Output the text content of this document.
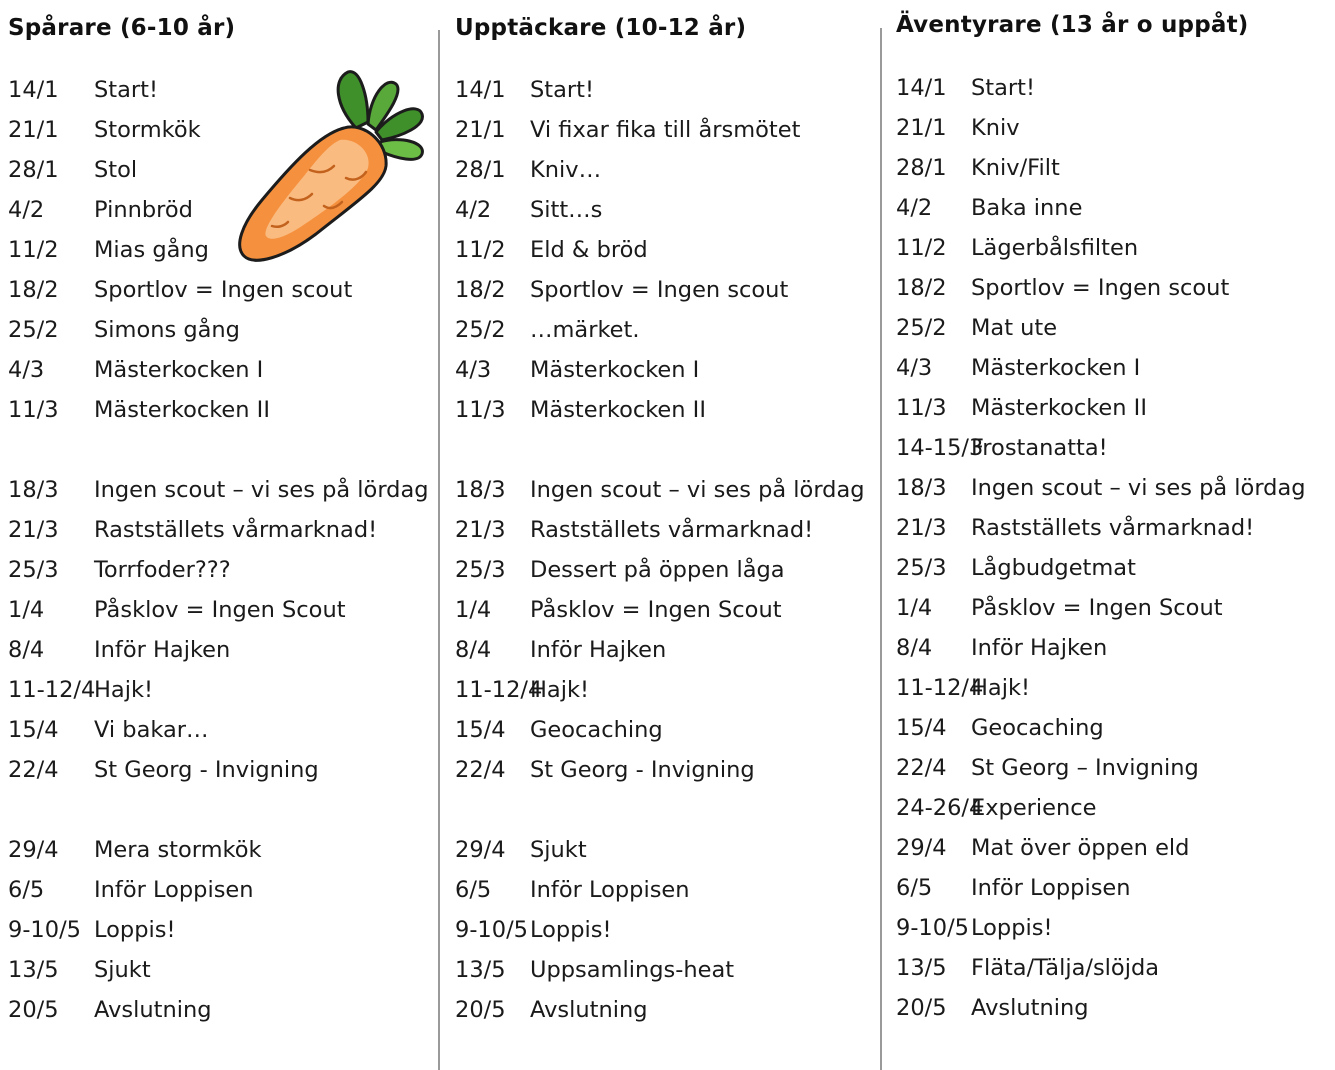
Spårare (6-10 år)
14/1 Start!
21/1 Stormkök
28/1 Stol
4/2 Pinnbröd
11/2 Mias gång
18/2 Sportlov = Ingen scout
25/2 Simons gång
4/3 Mästerkocken I
11/3 Mästerkocken II
18/3 Ingen scout – vi ses på lördag
21/3 Rastställets vårmarknad!
25/3 Torrfoder???
1/4 Påsklov = Ingen Scout
8/4 Inför Hajken
11-12/4
Hajk!
15/4 Vi bakar…
22/4 St Georg - Invigning
29/4 Mera stormkök
6/5 Inför Loppisen
9-10/5 Loppis!
13/5 Sjukt
20/5 Avslutning
Upptäckare (10-12 år)
14/1 Start!
21/1 Vi fixar fika till årsmötet
28/1 Kniv…
4/2 Sitt…s
11/2 Eld & bröd
18/2 Sportlov = Ingen scout
25/2 …märket.
4/3 Mästerkocken I
11/3 Mästerkocken II
18/3 Ingen scout – vi ses på lördag
21/3 Rastställets vårmarknad!
25/3 Dessert på öppen låga
1/4 Påsklov = Ingen Scout
8/4 Inför Hajken
11-12/4
Hajk!
15/4 Geocaching
22/4 St Georg - Invigning
29/4 Sjukt
6/5 Inför Loppisen
9-10/5 Loppis!
13/5 Uppsamlings-heat
20/5 Avslutning
Äventyrare (13 år o uppåt)
14/1 Start!
21/1 Kniv
28/1 Kniv/Filt
4/2 Baka inne
11/2 Lägerbålsfilten
18/2 Sportlov = Ingen scout
25/2 Mat ute
4/3 Mästerkocken I
11/3 Mästerkocken II
14-15/3
Frostanatta!
18/3 Ingen scout – vi ses på lördag
21/3 Rastställets vårmarknad!
25/3 Lågbudgetmat
1/4 Påsklov = Ingen Scout
8/4 Inför Hajken
11-12/4
Hajk!
15/4 Geocaching
22/4 St Georg – Invigning
24-26/4
Experience
29/4 Mat över öppen eld
6/5 Inför Loppisen
9-10/5 Loppis!
13/5 Fläta/Tälja/slöjda
20/5 Avslutning
